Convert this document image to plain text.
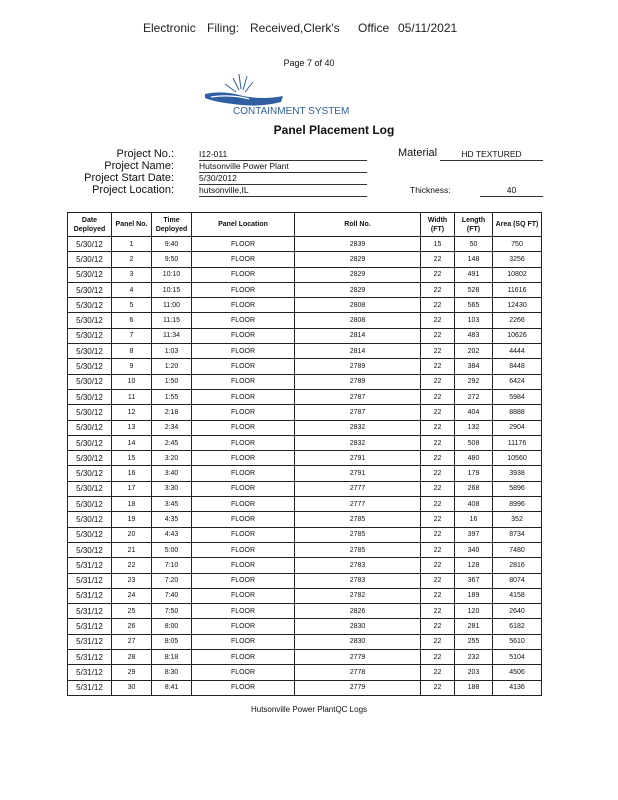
Electronic

Filing:

Received,Clerk's

Office

05/11/2021

Page 7 of 40
CONTAINMENT SYSTEM
Panel Placement Log
Project No.:	I12-011
Project Name:	Hutsonville Power Plant
Project Start Date:	5/30/2012
Project Location:	hutsonville,IL
Material	HD TEXTURED
Thickness:	40
Date Deployed	Panel No.	Time Deployed	Panel Location	Roll No.	Width (FT)	Length (FT)	Area (SQ FT)
5/30/12	1	9:40	FLOOR	2839	15	50	750
5/30/12	2	9:50	FLOOR	2829	22	148	3256
5/30/12	3	10:10	FLOOR	2829	22	491	10802
5/30/12	4	10:15	FLOOR	2829	22	528	11616
5/30/12	5	11:00	FLOOR	2808	22	565	12430
5/30/12	6	11:15	FLOOR	2808	22	103	2266
5/30/12	7	11:34	FLOOR	2814	22	483	10626
5/30/12	8	1:03	FLOOR	2814	22	202	4444
5/30/12	9	1:20	FLOOR	2789	22	384	8448
5/30/12	10	1:50	FLOOR	2789	22	292	6424
5/30/12	11	1:55	FLOOR	2787	22	272	5984
5/30/12	12	2:18	FLOOR	2787	22	404	8888
5/30/12	13	2:34	FLOOR	2832	22	132	2904
5/30/12	14	2:45	FLOOR	2832	22	508	11176
5/30/12	15	3:20	FLOOR	2791	22	480	10560
5/30/12	16	3:40	FLOOR	2791	22	179	3938
5/30/12	17	3:30	FLOOR	2777	22	268	5896
5/30/12	18	3:45	FLOOR	2777	22	408	8996
5/30/12	19	4:35	FLOOR	2785	22	16	352
5/30/12	20	4:43	FLOOR	2785	22	397	8734
5/30/12	21	5:00	FLOOR	2785	22	340	7480
5/31/12	22	7:10	FLOOR	2783	22	128	2816
5/31/12	23	7:20	FLOOR	2783	22	367	8074
5/31/12	24	7:40	FLOOR	2782	22	189	4158
5/31/12	25	7:50	FLOOR	2826	22	120	2640
5/31/12	26	8:00	FLOOR	2830	22	281	6182
5/31/12	27	8:05	FLOOR	2830	22	255	5610
5/31/12	28	8:18	FLOOR	2779	22	232	5104
5/31/12	29	8:30	FLOOR	2778	22	203	4506
5/31/12	30	8:41	FLOOR	2779	22	188	4136
Hutsonville Power PlantQC Logs
